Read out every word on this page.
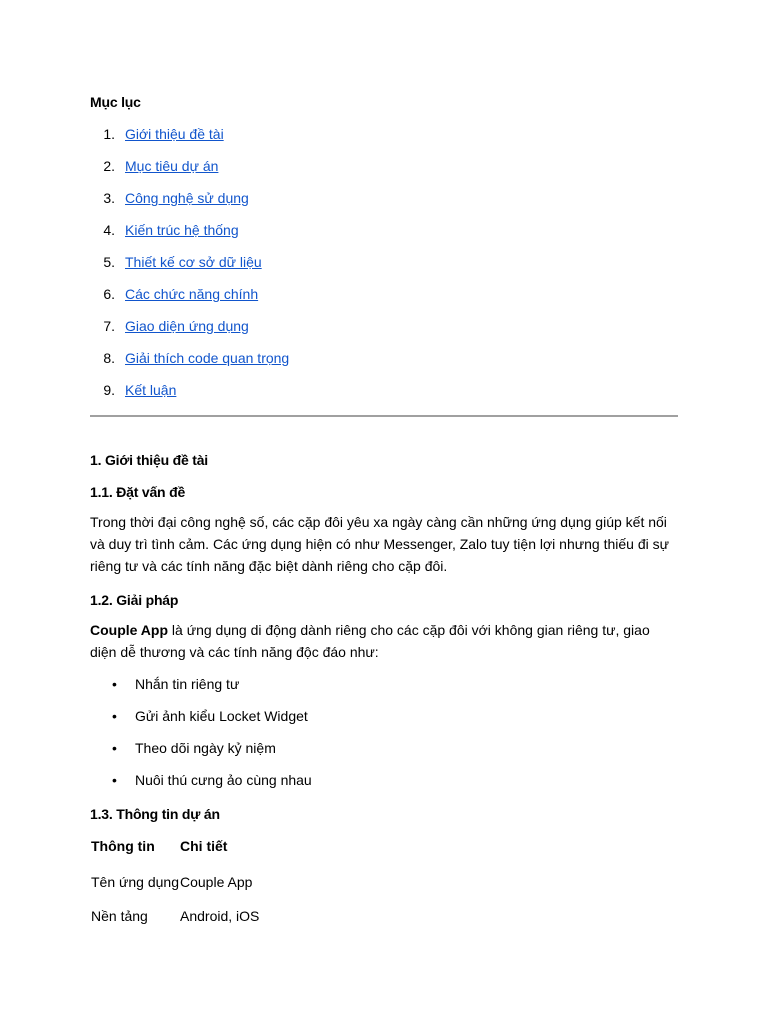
Mục lục
1. Giới thiệu đề tài
2. Mục tiêu dự án
3. Công nghệ sử dụng
4. Kiến trúc hệ thống
5. Thiết kế cơ sở dữ liệu
6. Các chức năng chính
7. Giao diện ứng dụng
8. Giải thích code quan trọng
9. Kết luận
1. Giới thiệu đề tài
1.1. Đặt vấn đề

Trong thời đại công nghệ số, các cặp đôi yêu xa ngày càng cần những ứng dụng giúp kết nối và duy trì tình cảm. Các ứng dụng hiện có như Messenger, Zalo tuy tiện lợi nhưng thiếu đi sự riêng tư và các tính năng đặc biệt dành riêng cho cặp đôi.

1.2. Giải pháp

Couple App là ứng dụng di động dành riêng cho các cặp đôi với không gian riêng tư, giao diện dễ thương và các tính năng độc đáo như:

•	Nhắn tin riêng tư
•	Gửi ảnh kiểu Locket Widget
•	Theo dõi ngày kỷ niệm
•	Nuôi thú cưng ảo cùng nhau
1.3. Thông tin dự án
Thông tin	Chi tiết
Tên ứng dụng	Couple App
Nền tảng	Android, iOS
